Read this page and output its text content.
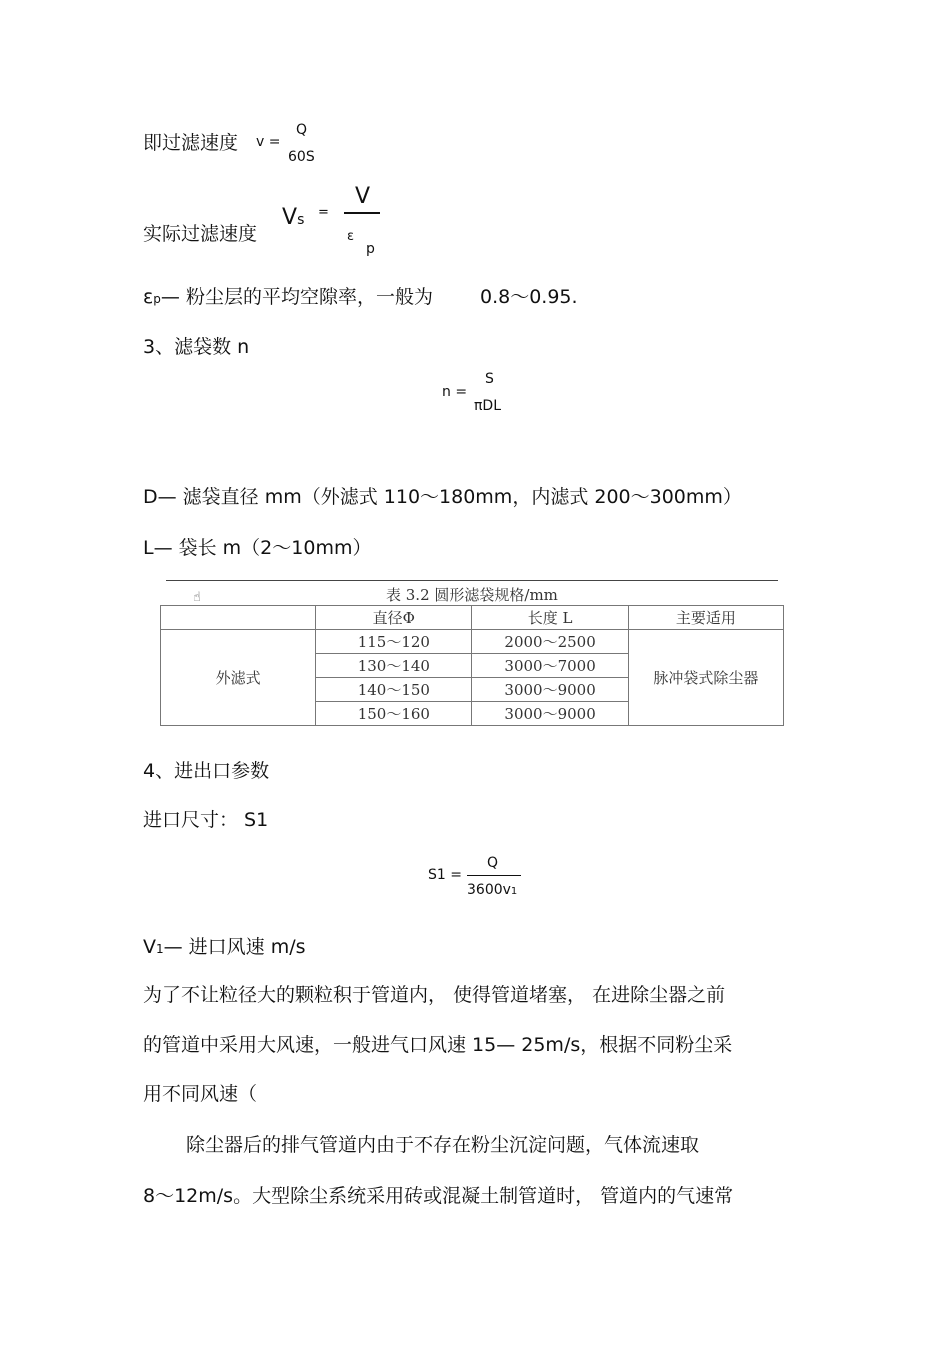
即过滤速度 v =
Q
60S
实际过滤速度
Vs =
V
ε
p
εp— 粉尘层的平均空隙率，一般为 0.8～0.95.
3、滤袋数 n
n =
S
πDL
D— 滤袋直径 mm（外滤式 110～180mm，内滤式 200～300mm）
L— 袋长 m（2～10mm）
☝	表 3.2 圆形滤袋规格/mm
	直径Φ	长度 L	主要适用
外滤式	115～120	2000～2500	脉冲袋式除尘器
	130～140	3000～7000	
	140～150	3000～9000	
	150～160	3000～9000	
4、进出口参数
进口尺寸： S1
S1 =
Q
3600v1
V1— 进口风速 m/s
为了不让粒径大的颗粒积于管道内， 使得管道堵塞， 在进除尘器之前
的管道中采用大风速，一般进气口风速 15— 25m/s，根据不同粉尘采
用不同风速（
除尘器后的排气管道内由于不存在粉尘沉淀问题，气体流速取
8～12m/s。大型除尘系统采用砖或混凝土制管道时， 管道内的气速常
